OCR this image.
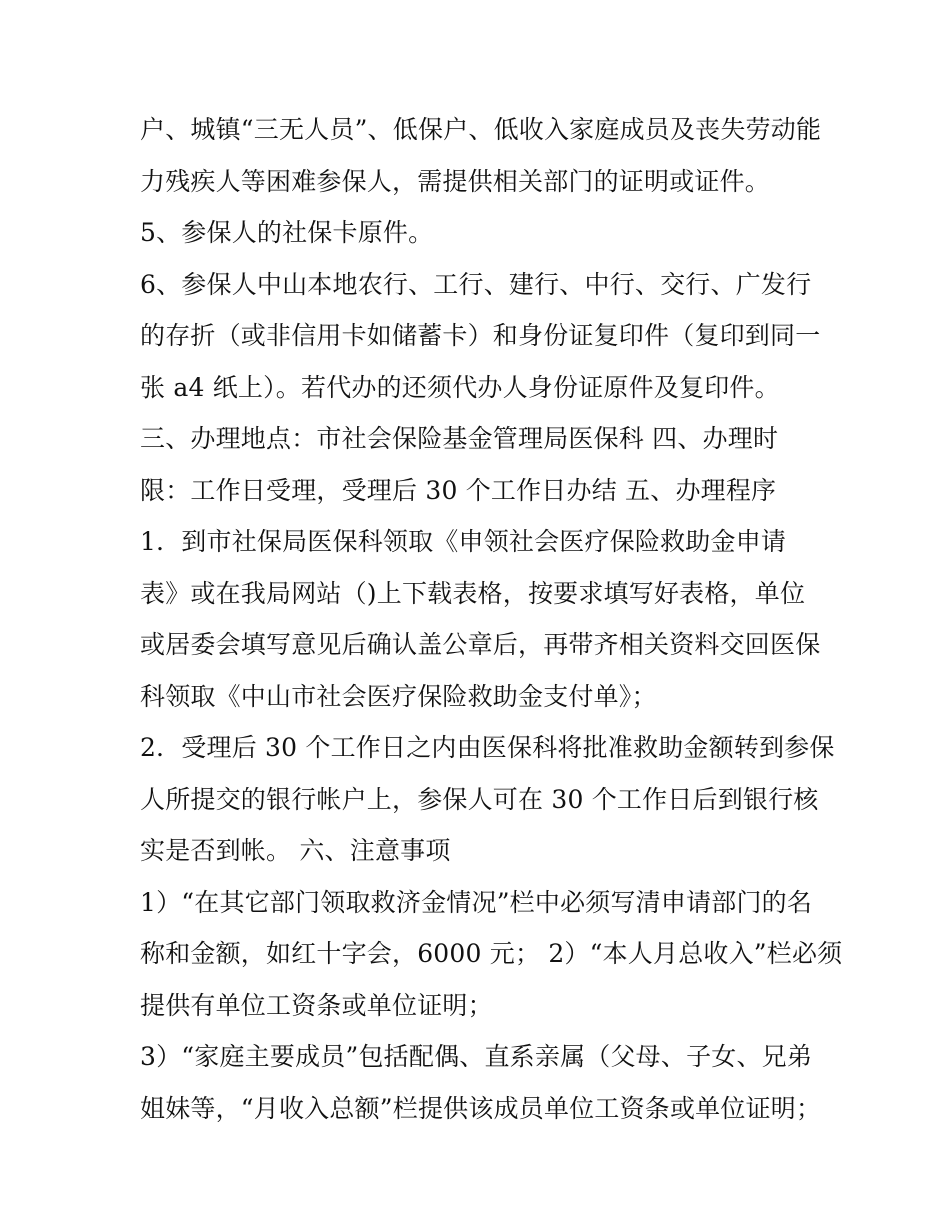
户、城镇“三无人员”、低保户、低收入家庭成员及丧失劳动能
力残疾人等困难参保人，需提供相关部门的证明或证件。
5、参保人的社保卡原件。
6、参保人中山本地农行、工行、建行、中行、交行、广发行
的存折（或非信用卡如储蓄卡）和身份证复印件（复印到同一
张 a4 纸上）。若代办的还须代办人身份证原件及复印件。
三、办理地点：市社会保险基金管理局医保科 四、办理时
限：工作日受理，受理后 30 个工作日办结 五、办理程序
1．到市社保局医保科领取《申领社会医疗保险救助金申请
表》或在我局网站（)上下载表格，按要求填写好表格，单位
或居委会填写意见后确认盖公章后，再带齐相关资料交回医保
科领取《中山市社会医疗保险救助金支付单》；
2．受理后 30 个工作日之内由医保科将批准救助金额转到参保
人所提交的银行帐户上，参保人可在 30 个工作日后到银行核
实是否到帐。 六、注意事项
1）“在其它部门领取救济金情况”栏中必须写清申请部门的名
称和金额，如红十字会，6000 元； 2）“本人月总收入”栏必须
提供有单位工资条或单位证明；
3）“家庭主要成员”包括配偶、直系亲属（父母、子女、兄弟
姐妹等，“月收入总额”栏提供该成员单位工资条或单位证明；
